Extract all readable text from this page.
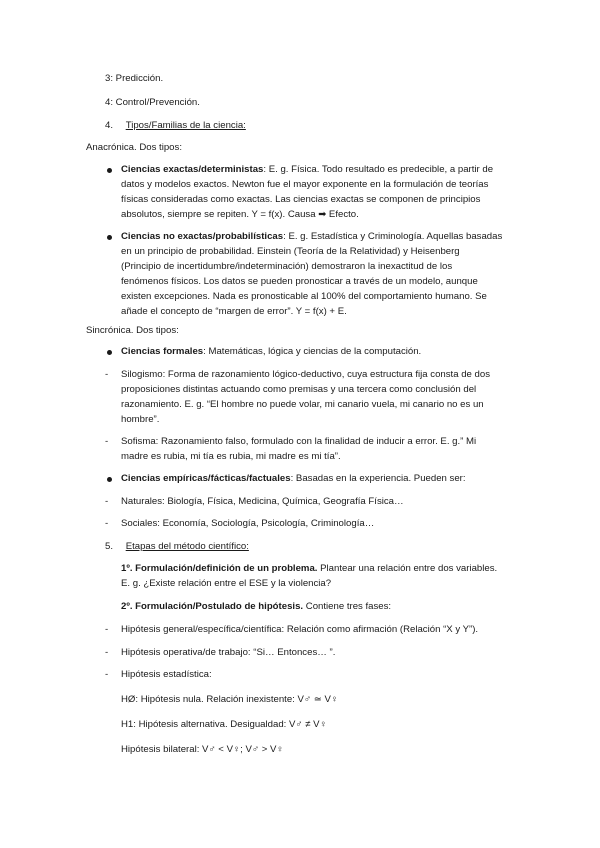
3: Predicción.
4: Control/Prevención.
4. Tipos/Familias de la ciencia:
Anacrónica. Dos tipos:
Ciencias exactas/deterministas: E. g. Física. Todo resultado es predecible, a partir de
datos y modelos exactos. Newton fue el mayor exponente en la formulación de teorías
físicas consideradas como exactas. Las ciencias exactas se componen de principios
absolutos, siempre se repiten. Y = f(x). Causa ➡ Efecto.
Ciencias no exactas/probabilísticas: E. g. Estadística y Criminología. Aquellas basadas
en un principio de probabilidad. Einstein (Teoría de la Relatividad) y Heisenberg
(Principio de incertidumbre/indeterminación) demostraron la inexactitud de los
fenómenos físicos. Los datos se pueden pronosticar a través de un modelo, aunque
existen excepciones. Nada es pronosticable al 100% del comportamiento humano. Se
añade el concepto de “margen de error”. Y = f(x) + E.
Sincrónica. Dos tipos:
Ciencias formales: Matemáticas, lógica y ciencias de la computación.
- Silogismo: Forma de razonamiento lógico-deductivo, cuya estructura fija consta de dos
proposiciones distintas actuando como premisas y una tercera como conclusión del
razonamiento. E. g. “El hombre no puede volar, mi canario vuela, mi canario no es un
hombre”.
- Sofisma: Razonamiento falso, formulado con la finalidad de inducir a error. E. g.” Mi
madre es rubia, mi tía es rubia, mi madre es mi tía”.
Ciencias empíricas/fácticas/factuales: Basadas en la experiencia. Pueden ser:
- Naturales: Biología, Física, Medicina, Química, Geografía Física…
- Sociales: Economía, Sociología, Psicología, Criminología…
5. Etapas del método científico:
1º. Formulación/definición de un problema. Plantear una relación entre dos variables.
E. g. ¿Existe relación entre el ESE y la violencia?
2º. Formulación/Postulado de hipótesis. Contiene tres fases:
- Hipótesis general/específica/científica: Relación como afirmación (Relación “X y Y”).
- Hipótesis operativa/de trabajo: “Si… Entonces… ”.
- Hipótesis estadística:
HØ: Hipótesis nula. Relación inexistente: V♂ ≃ V♀
H1: Hipótesis alternativa. Desigualdad: V♂ ≠ V♀
Hipótesis bilateral: V♂ < V♀; V♂ > V♀
